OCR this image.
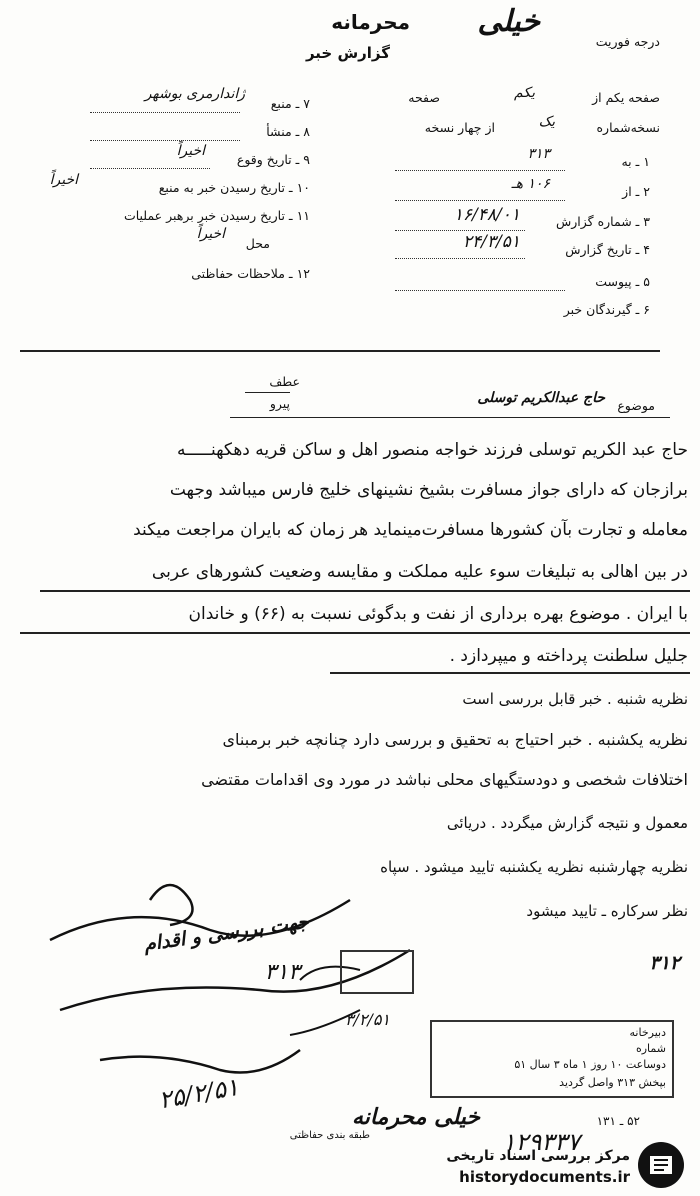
درجه فوریت
خیلی
محرمانه
گزارش خبر
صفحه یکم از
یکم
صفحه
نسخه‌شماره
یک
از چهار نسخه
۱ ـ به
۳۱۳
۲ ـ از
۱۰۶ هـ
۳ ـ شماره گزارش
۱۶/۴۸/۰۱
۴ ـ تاریخ گزارش
۲۴/۳/۵۱
۵ ـ پیوست
۶ ـ گیرندگان خبر
۷ ـ منبع
ژاندارمری بوشهر
۸ ـ منشأ
۹ ـ تاریخ وقوع
اخیراً
۱۰ ـ تاریخ رسیدن خبر به منبع
اخیراً
۱۱ ـ تاریخ رسیدن خبر برهبر عملیات
محل
اخیراً
۱۲ ـ ملاحظات حفاظتی
عطف
پیرو	موضوع
حاج عبدالکریم توسلی
حاج عبد الکریم توسلی فرزند خواجه منصور اهل و ساکن قریه دهکهنـــــه
برازجان که دارای جواز مسافرت بشیخ نشینهای خلیج فارس میباشد وجهت
معامله و تجارت بآن کشورها مسافرت‌مینماید هر زمان که بایران مراجعت میکند
در بین اهالی به تبلیغات سوء علیه مملکت و مقایسه وضعیت کشورهای عربی
با ایران . موضوع بهره برداری از نفت و بدگوئی نسبت به (۶۶) و خاندان
جلیل سلطنت پرداخته و میپردازد .
نظریه شنبه . خبر قابل بررسی است
نظریه یکشنبه . خبر احتیاج به تحقیق و بررسی دارد چنانچه خبر برمبنای
اختلافات شخصی و دودستگیهای محلی نباشد در مورد وی اقدامات مقتضی
معمول و نتیجه گزارش میگردد . دریائی
نظریه چهارشنبه نظریه یکشنبه تایید میشود . سپاه
نظر سرکاره ـ تایید میشود
۳۱۲
جهت بررسی و اقدام
۳۱۳
۲۵/۲/۵۱
۳/۲/۵۱
دبیرخانه
شماره
دوساعت ۱۰ روز ۱ ماه ۳ سال ۵۱
بپخش ۳۱۳ واصل گردید
خیلی محرمانه
طبقه بندی حفاظتی
۵۲ ـ ۱۳۱
۱۲۹۳۳۷
مرکز بررسی اسناد تاریخی
historydocuments.ir
